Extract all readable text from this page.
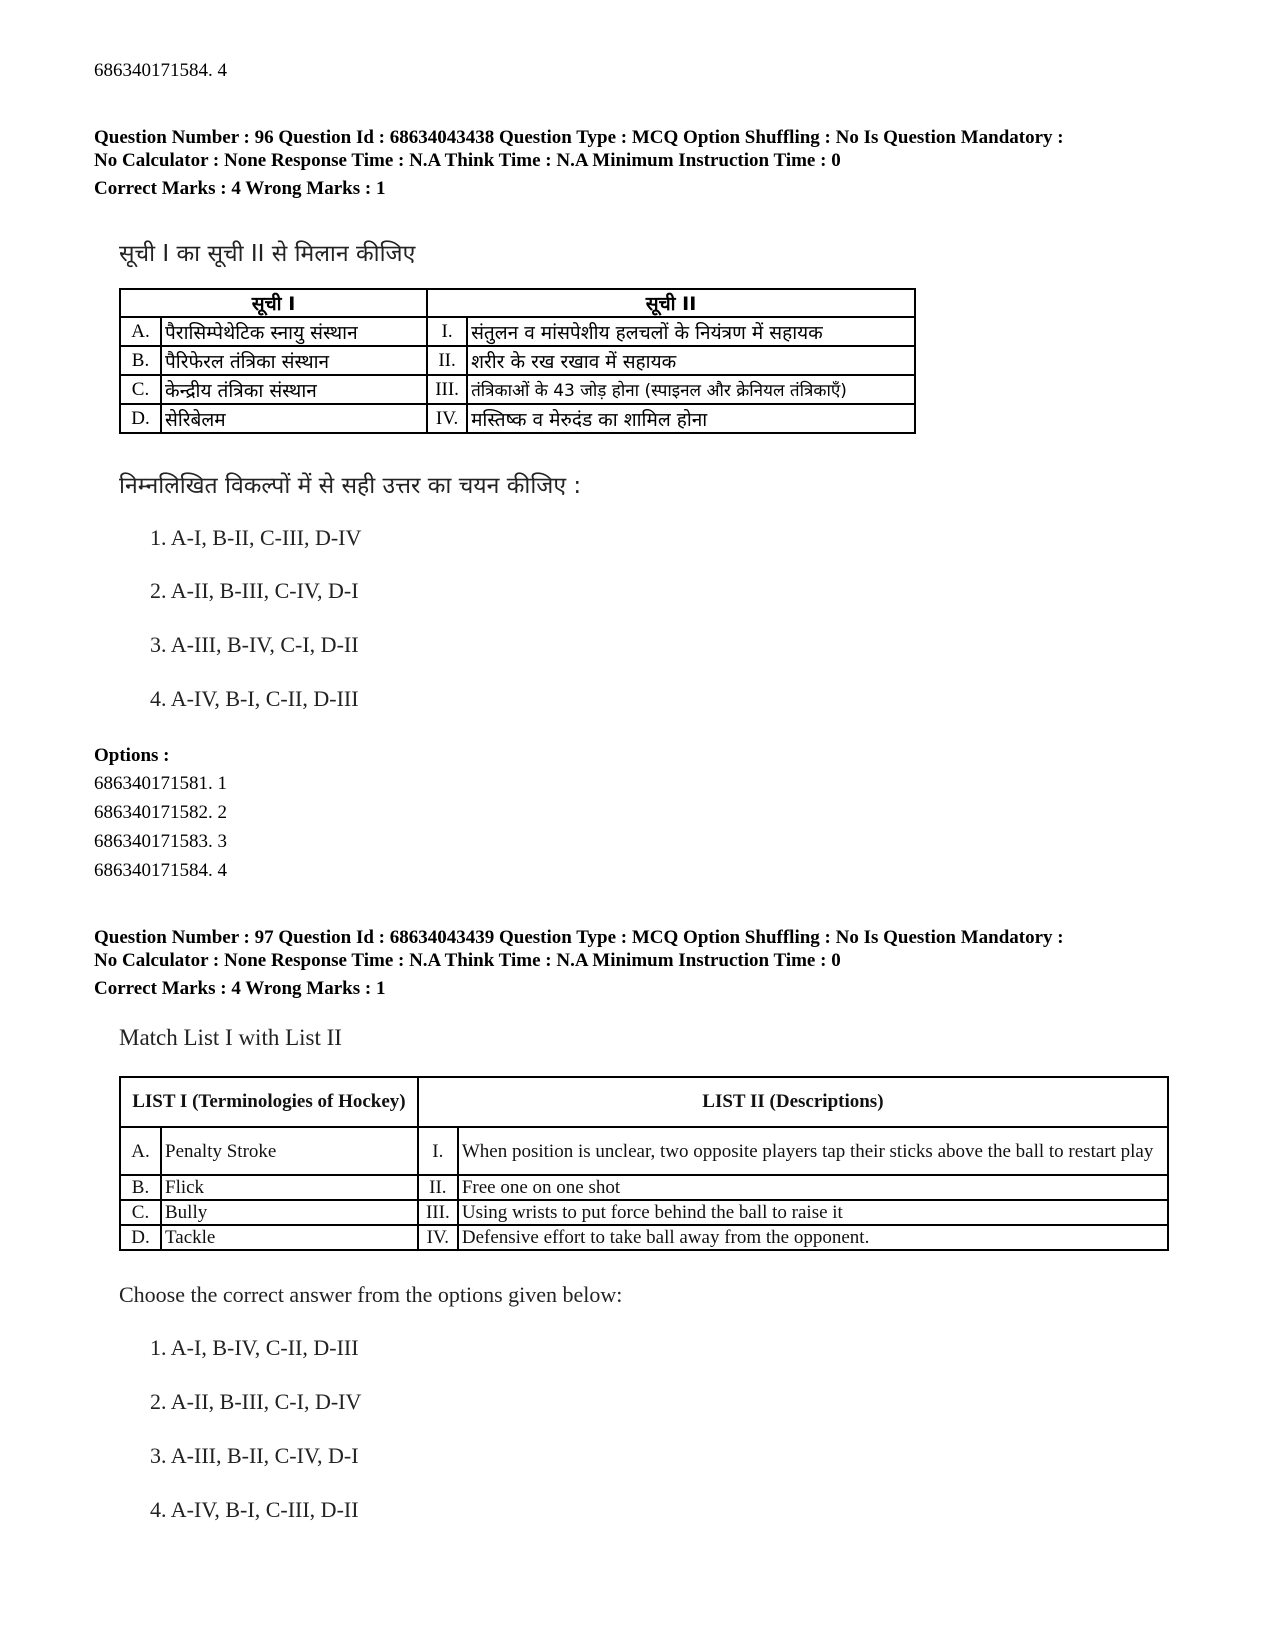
686340171584. 4
Question Number : 96 Question Id : 68634043438 Question Type : MCQ Option Shuffling : No Is Question Mandatory :
No Calculator : None Response Time : N.A Think Time : N.A Minimum Instruction Time : 0
Correct Marks : 4 Wrong Marks : 1
सूची I का सूची II से मिलान कीजिए
सूची I		सूची II	
A.	पैरासिम्पेथेटिक स्नायु संस्थान	I.	संतुलन व मांसपेशीय हलचलों के नियंत्रण में सहायक
B.	पैरिफेरल तंत्रिका संस्थान	II.	शरीर के रख रखाव में सहायक
C.	केन्द्रीय तंत्रिका संस्थान	III.	तंत्रिकाओं के 43 जोड़ होना (स्पाइनल और क्रेनियल तंत्रिकाएँ)
D.	सेरिबेलम	IV.	मस्तिष्क व मेरुदंड का शामिल होना
निम्नलिखित विकल्पों में से सही उत्तर का चयन कीजिए :
1. A-I, B-II, C-III, D-IV
2. A-II, B-III, C-IV, D-I
3. A-III, B-IV, C-I, D-II
4. A-IV, B-I, C-II, D-III
Options :
686340171581. 1
686340171582. 2
686340171583. 3
686340171584. 4
Question Number : 97 Question Id : 68634043439 Question Type : MCQ Option Shuffling : No Is Question Mandatory :
No Calculator : None Response Time : N.A Think Time : N.A Minimum Instruction Time : 0
Correct Marks : 4 Wrong Marks : 1
Match List I with List II
LIST I (Terminologies of Hockey)		LIST II (Descriptions)	
A.	Penalty Stroke	I.	When position is unclear, two opposite players tap their sticks above the ball to restart play
B.	Flick	II.	Free one on one shot
C.	Bully	III.	Using wrists to put force behind the ball to raise it
D.	Tackle	IV.	Defensive effort to take ball away from the opponent.
Choose the correct answer from the options given below:
1. A-I, B-IV, C-II, D-III
2. A-II, B-III, C-I, D-IV
3. A-III, B-II, C-IV, D-I
4. A-IV, B-I, C-III, D-II
